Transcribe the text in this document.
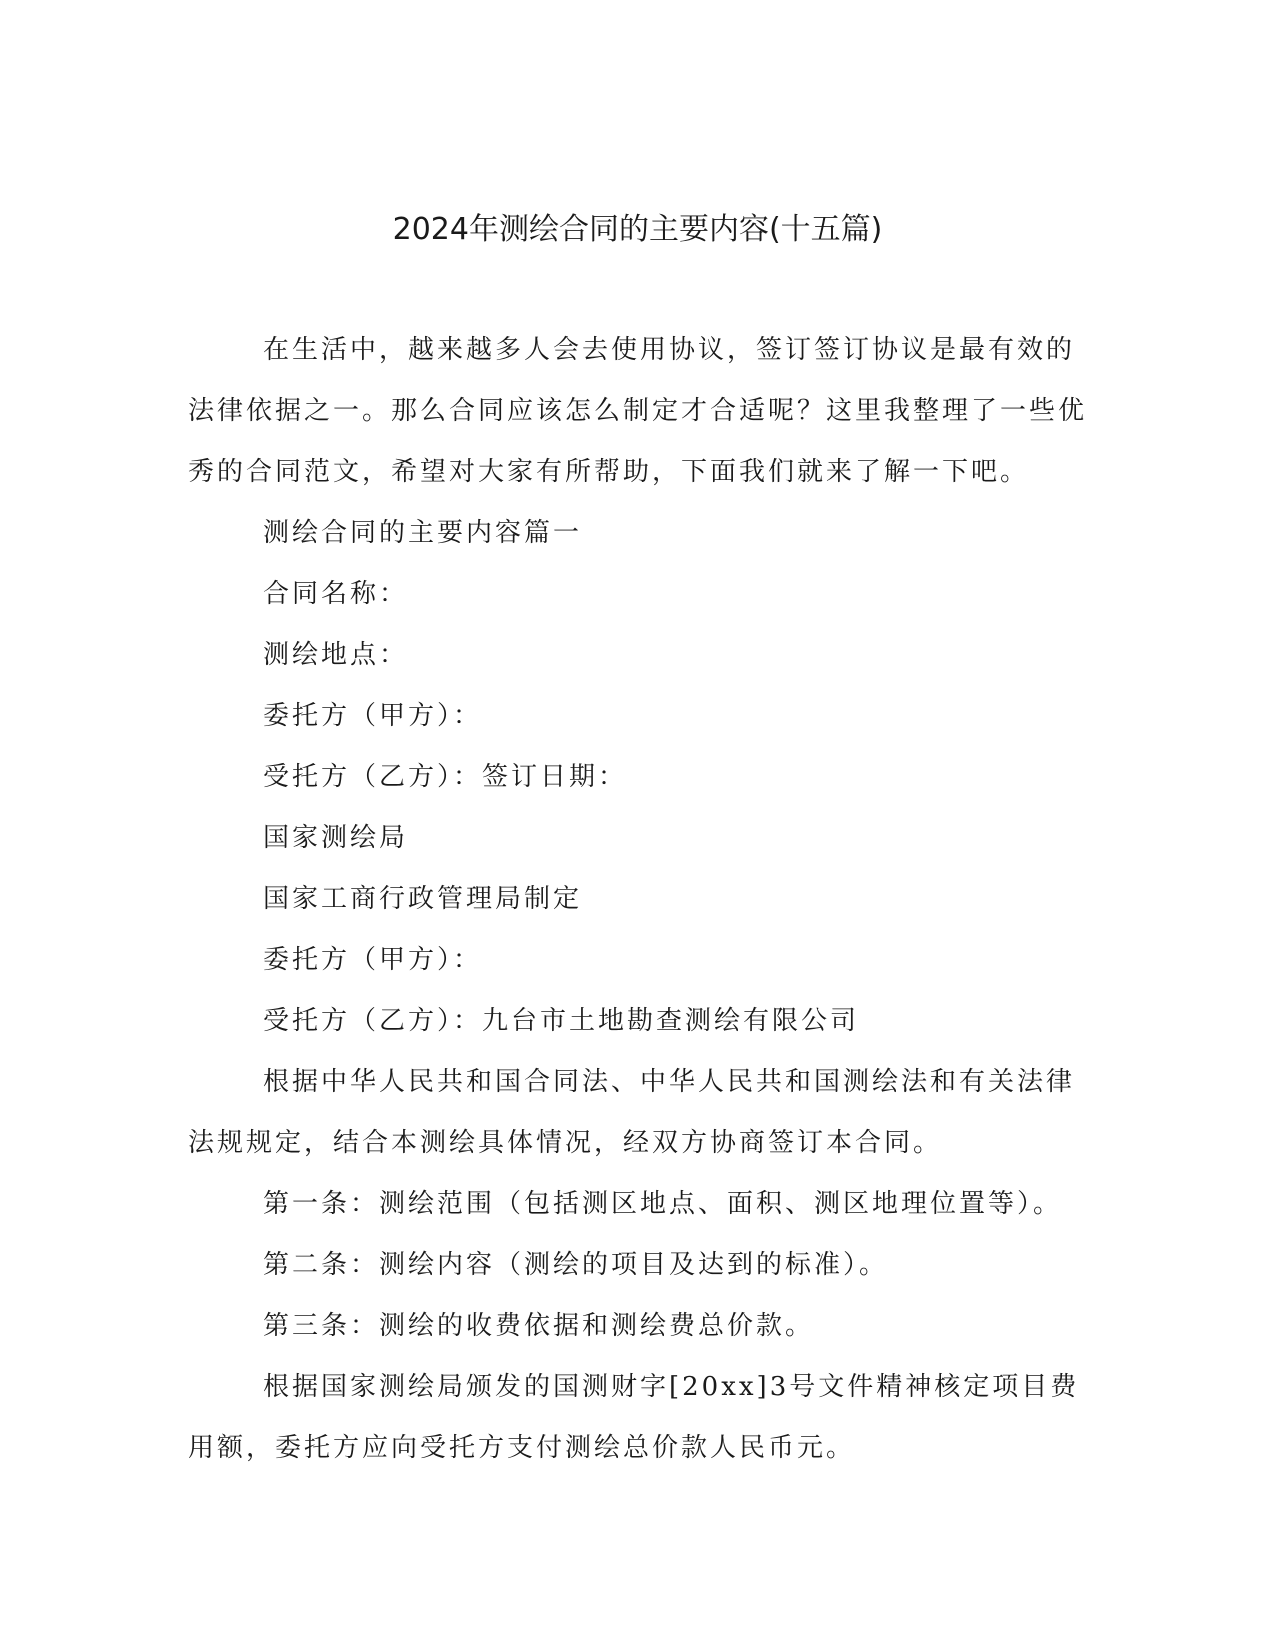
2024年测绘合同的主要内容(十五篇)

在生活中，越来越多人会去使用协议，签订签订协议是最有效的法律依据之一。那么合同应该怎么制定才合适呢？这里我整理了一些优秀的合同范文，希望对大家有所帮助，下面我们就来了解一下吧。

测绘合同的主要内容篇一

合同名称：

测绘地点：

委托方（甲方）：

受托方（乙方）：签订日期：

国家测绘局

国家工商行政管理局制定

委托方（甲方）：

受托方（乙方）：九台市土地勘查测绘有限公司

根据中华人民共和国合同法、中华人民共和国测绘法和有关法律法规规定，结合本测绘具体情况，经双方协商签订本合同。

第一条：测绘范围（包括测区地点、面积、测区地理位置等）。

第二条：测绘内容（测绘的项目及达到的标准）。

第三条：测绘的收费依据和测绘费总价款。

根据国家测绘局颁发的国测财字[20xx]3号文件精神核定项目费用额，委托方应向受托方支付测绘总价款人民币元。
